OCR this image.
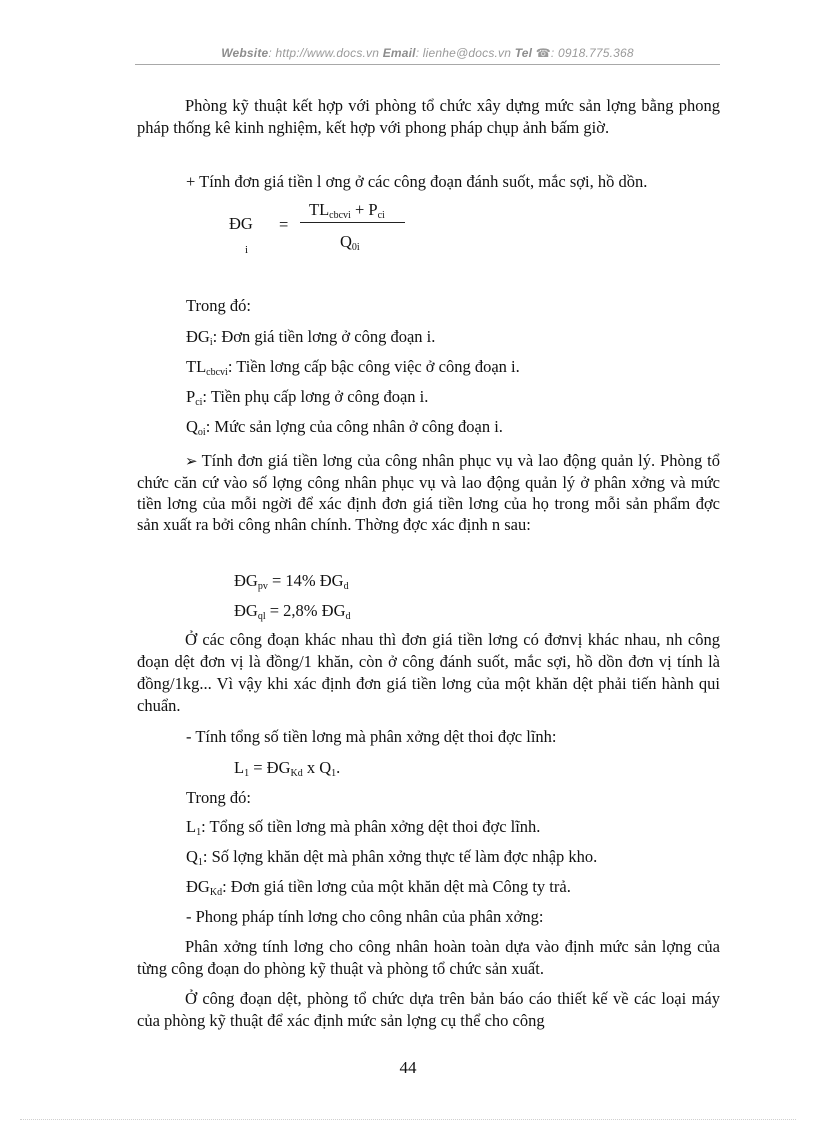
Website: http://www.docs.vn Email: lienhe@docs.vn Tel ☎: 0918.775.368
Phòng kỹ thuật kết hợp với phòng tổ chức xây dựng mức sản lợng bằng phong pháp thống kê kinh nghiệm, kết hợp với phong pháp chụp ảnh bấm giờ.
+ Tính đơn giá tiền l ơng ở các công đoạn đánh suốt, mắc sợi, hồ dồn.
ĐG
i
=
$TL_{cbcvi} + P_{ci}$
$Q_{0i}$
Trong đó:
$ĐG_i$: Đơn giá tiền lơng ở công đoạn i.
$TL_{cbcvi}$: Tiền lơng cấp bậc công việc ở công đoạn i.
$P_{ci}$: Tiền phụ cấp lơng ở công đoạn i.
$Q_{oi}$: Mức sản lợng của công nhân ở công đoạn i.
➢ Tính đơn giá tiền lơng của công nhân phục vụ và lao động quản lý. Phòng tổ chức căn cứ vào số lợng công nhân phục vụ và lao động quản lý ở phân xởng và mức tiền lơng của mỗi ngời để xác định đơn giá tiền lơng của họ trong mỗi sản phẩm đợc sản xuất ra bởi công nhân chính. Thờng đợc xác định n sau:
$ĐG_{pv} = 14\%$ $ĐG_d$
$ĐG_{ql} = 2,8\%$ $ĐG_d$
Ở các công đoạn khác nhau thì đơn giá tiền lơng có đơnvị khác nhau, nh công đoạn dệt đơn vị là đồng/1 khăn, còn ở công đánh suốt, mắc sợi, hồ dồn đơn vị tính là đồng/1kg... Vì vậy khi xác định đơn giá tiền lơng của một khăn dệt phải tiến hành qui chuẩn.
- Tính tổng số tiền lơng mà phân xởng dệt thoi đợc lĩnh:
$L_1$ = $ĐG_{Kd}$ x $Q_1$.
Trong đó:
$L_1$: Tổng số tiền lơng mà phân xởng dệt thoi đợc lĩnh.
$Q_1$: Số lợng khăn dệt mà phân xởng thực tế làm đợc nhập kho.
$ĐG_{Kd}$: Đơn giá tiền lơng của một khăn dệt mà Công ty trả.
- Phong pháp tính lơng cho công nhân của phân xởng:
Phân xởng tính lơng cho công nhân hoàn toàn dựa vào định mức sản lợng của từng công đoạn do phòng kỹ thuật và phòng tổ chức sản xuất.
Ở công đoạn dệt, phòng tổ chức dựa trên bản báo cáo thiết kế về các loại máy của phòng kỹ thuật để xác định mức sản lợng cụ thể cho công
44
